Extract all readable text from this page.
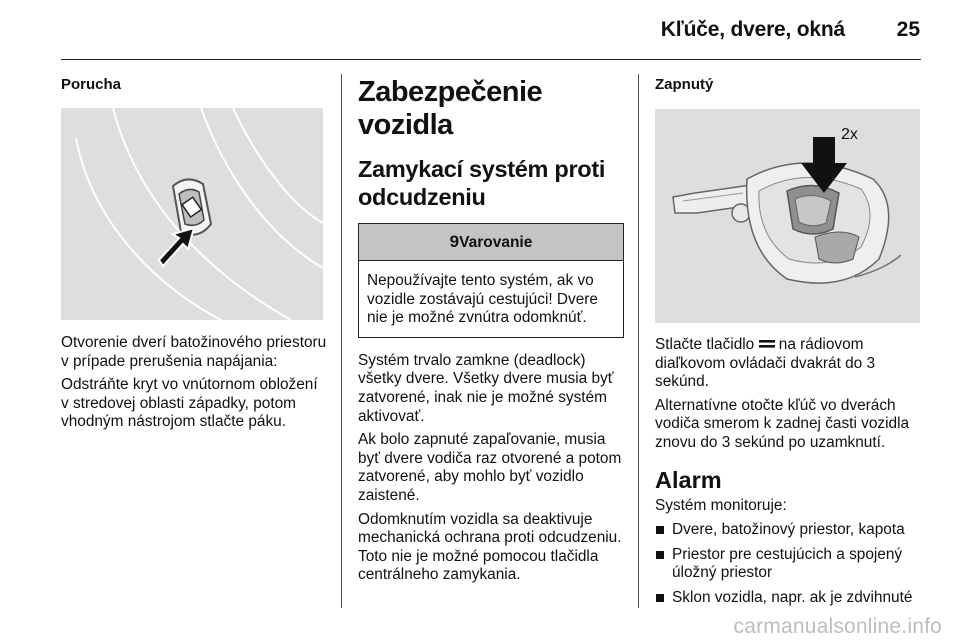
Kľúče, dvere, okná 25
Porucha

Otvorenie dverí batožinového priestoru v prípade prerušenia napájania:

Odstráňte kryt vo vnútornom obložení v stredovej oblasti západky, potom vhodným nástrojom stlačte páku.

Zabezpečenie vozidla
Zamykací systém proti odcudzeniu
9Varovanie
Nepoužívajte tento systém, ak vo vozidle zostávajú cestujúci! Dvere nie je možné zvnútra odomknúť.

Systém trvalo zamkne (deadlock) všetky dvere. Všetky dvere musia byť zatvorené, inak nie je možné systém aktivovať.

Ak bolo zapnuté zapaľovanie, musia byť dvere vodiča raz otvorené a potom zatvorené, aby mohlo byť vozidlo zaistené.

Odomknutím vozidla sa deaktivuje mechanická ochrana proti odcudzeniu. Toto nie je možné pomocou tlačidla centrálneho zamykania.

Zapnutý
2x

Stlačte tlačidlo  na rádiovom diaľkovom ovládači dvakrát do 3 sekúnd.

Alternatívne otočte kľúč vo dverách vodiča smerom k zadnej časti vozidla znovu do 3 sekúnd po uzamknutí.

Alarm

Systém monitoruje:

Dvere, batožinový priestor, kapota
Priestor pre cestujúcich a spojený úložný priestor
Sklon vozidla, napr. ak je zdvihnuté
carmanualsonline.info
